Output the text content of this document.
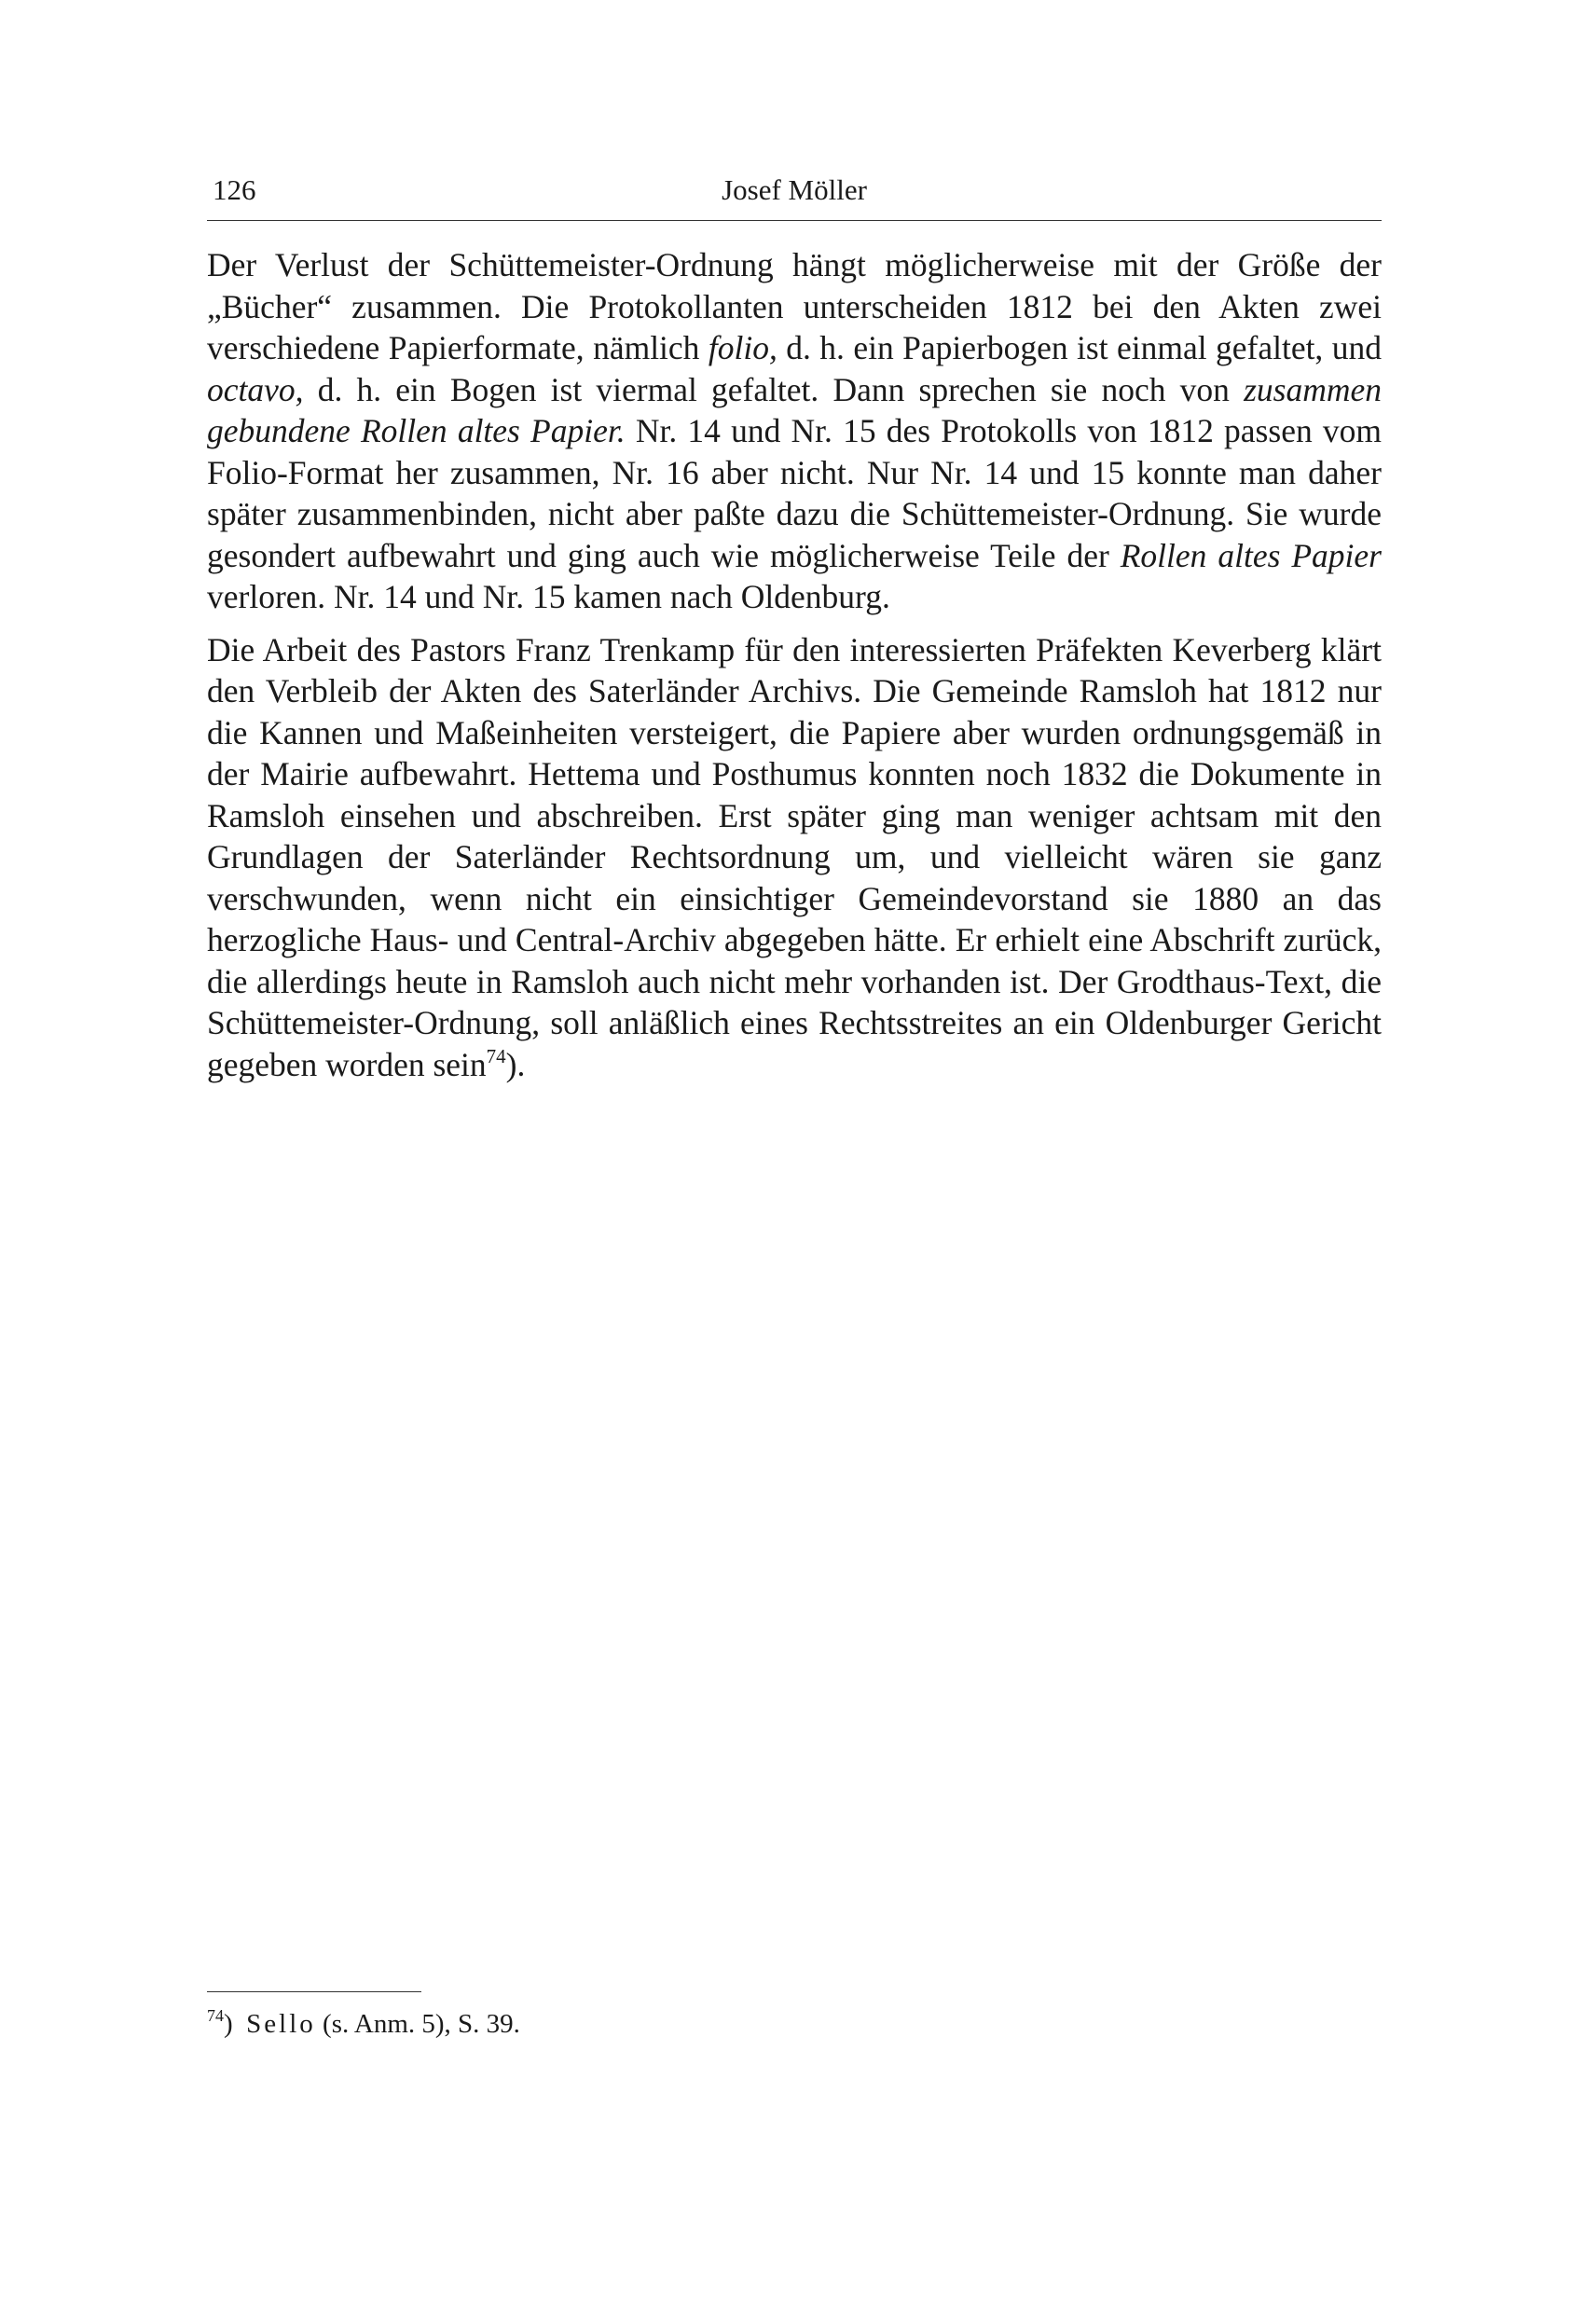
126	Josef Möller

Der Verlust der Schüttemeister-Ordnung hängt möglicherweise mit der Größe der „Bücher“ zusammen. Die Protokollanten unterscheiden 1812 bei den Akten zwei verschiedene Papierformate, nämlich folio, d. h. ein Papierbogen ist einmal gefaltet, und octavo, d. h. ein Bogen ist viermal gefaltet. Dann sprechen sie noch von zusammen gebundene Rollen altes Papier. Nr. 14 und Nr. 15 des Protokolls von 1812 passen vom Folio-Format her zusammen, Nr. 16 aber nicht. Nur Nr. 14 und 15 konnte man daher später zusammenbinden, nicht aber paßte dazu die Schüttemeister-Ordnung. Sie wurde gesondert aufbewahrt und ging auch wie möglicherweise Teile der Rollen altes Papier verloren. Nr. 14 und Nr. 15 kamen nach Oldenburg.

Die Arbeit des Pastors Franz Trenkamp für den interessierten Präfekten Keverberg klärt den Verbleib der Akten des Saterländer Archivs. Die Gemeinde Ramsloh hat 1812 nur die Kannen und Maßeinheiten versteigert, die Papiere aber wurden ordnungsgemäß in der Mairie aufbewahrt. Hettema und Posthumus konnten noch 1832 die Dokumente in Ramsloh einsehen und abschreiben. Erst später ging man weniger achtsam mit den Grundlagen der Saterländer Rechtsordnung um, und vielleicht wären sie ganz verschwunden, wenn nicht ein einsichtiger Gemeindevorstand sie 1880 an das herzogliche Haus- und Central-Archiv abgegeben hätte. Er erhielt eine Abschrift zurück, die allerdings heute in Ramsloh auch nicht mehr vorhanden ist. Der Grodthaus-Text, die Schüttemeister-Ordnung, soll anläßlich eines Rechtsstreites an ein Oldenburger Gericht gegeben worden sein$^{74}$).

$^{74}$) Sello (s. Anm. 5), S. 39.
